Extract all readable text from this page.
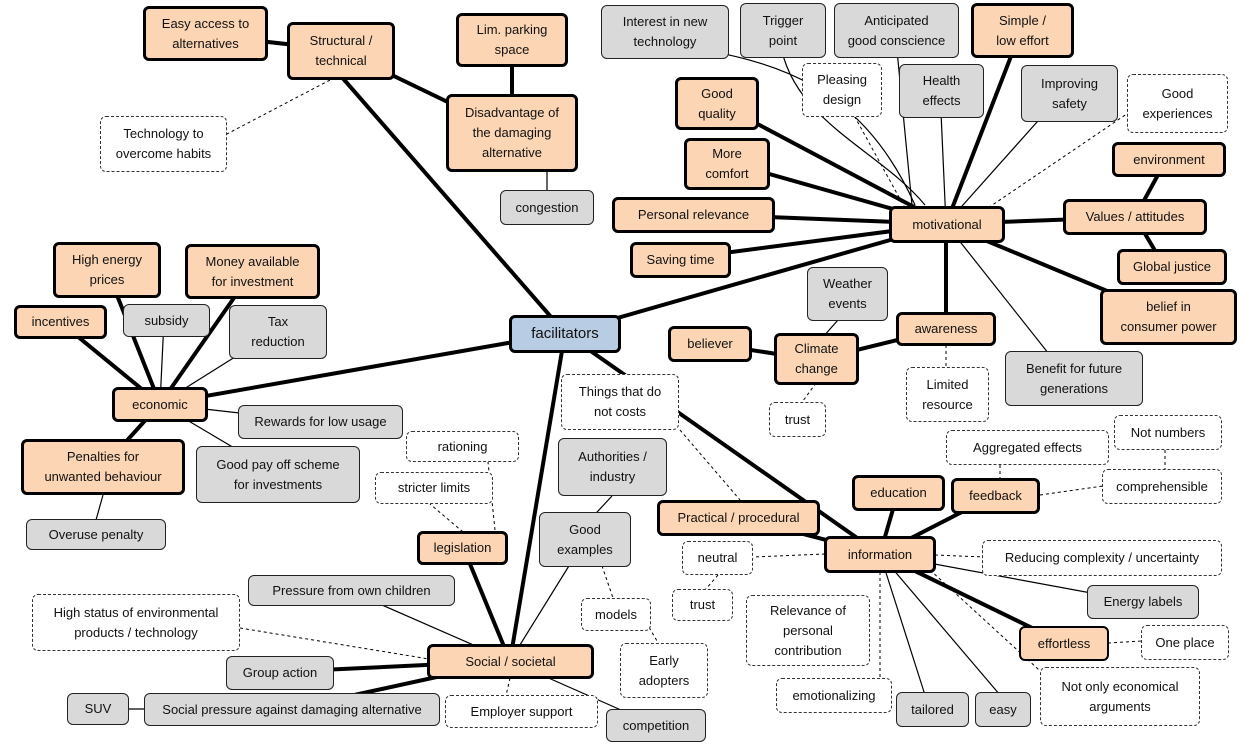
facilitators
Easy access to
alternatives	Structural /
technical
Lim. parking
space
Disadvantage of
the damaging
alternative
congestion
Technology to
overcome habits
Interest in new
technology
Trigger
point
Anticipated
good conscience
Simple /
low effort
Good
quality
Pleasing
design
Health
effects
Improving
safety
Good
experiences
More
comfort
environment
Personal relevance
motivational	Values / attitudes
Saving time	Global justice
Weather
events
awareness
belief in
consumer power
believer	Climate
change
Limited
resource
Benefit for future
generations
trust
High energy
prices
Money available
for investment
incentives	subsidy	Tax
reduction
economic
Rewards for low usage
Penalties for
unwanted behaviour
Good pay off scheme
for investments
Overuse penalty
Things that do
not costs
rationing
Authorities /
industry
stricter limits
legislation
Good
examples
Practical / procedural
neutral
trust
Aggregated effects
Not numbers
education	feedback
comprehensible
information	Reducing complexity / uncertainty
Pressure from own children
High status of environmental
products / technology
models	Relevance of
personal
contribution
Energy labels
effortless	One place
Group action
Social / societal	Early
adopters
emotionalizing
Not only economical
arguments
SUV	Social pressure against damaging alternative	Employer support
competition
tailored	easy
